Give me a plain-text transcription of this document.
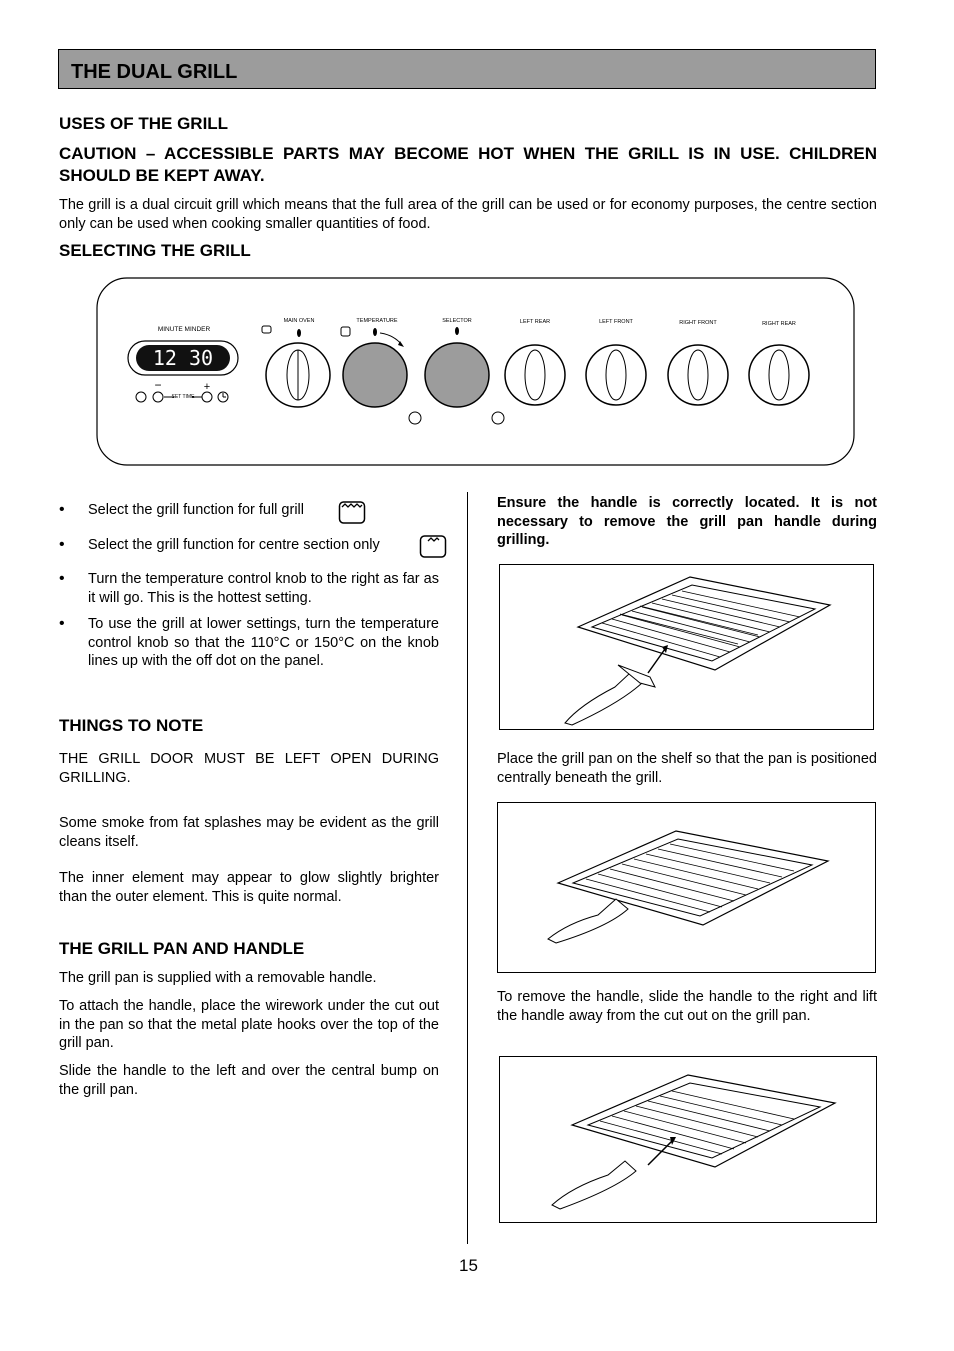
THE DUAL GRILL
USES OF THE GRILL
CAUTION – ACCESSIBLE PARTS MAY BECOME HOT WHEN THE GRILL IS IN USE. CHILDREN SHOULD BE KEPT AWAY.
The grill is a dual circuit grill which means that the full area of the grill can be used or for economy purposes, the centre section only can be used when cooking smaller quantities of food.
SELECTING THE GRILL
MINUTE MINDER
12 30
−
SET TIME
+
MAIN OVEN	TEMPERATURE	SELECTOR	LEFT REAR	LEFT FRONT	RIGHT FRONT	RIGHT REAR
• Select the grill function for full grill
• Select the grill function for centre section only
• Turn the temperature control knob to the right as far as it will go. This is the hottest setting.
• To use the grill at lower settings, turn the temperature control knob so that the 110°C or 150°C on the knob lines up with the off dot on the panel.
THINGS TO NOTE
THE GRILL DOOR MUST BE LEFT OPEN DURING GRILLING.
Some smoke from fat splashes may be evident as the grill cleans itself.
The inner element may appear to glow slightly brighter than the outer element. This is quite normal.
THE GRILL PAN AND HANDLE
The grill pan is supplied with a removable handle.
To attach the handle, place the wirework under the cut out in the pan so that the metal plate hooks over the top of the grill pan.
Slide the handle to the left and over the central bump on the grill pan.
Ensure the handle is correctly located. It is not necessary to remove the grill pan handle during grilling.
Place the grill pan on the shelf so that the pan is positioned centrally beneath the grill.
To remove the handle, slide the handle to the right and lift the handle away from the cut out on the grill pan.
15
